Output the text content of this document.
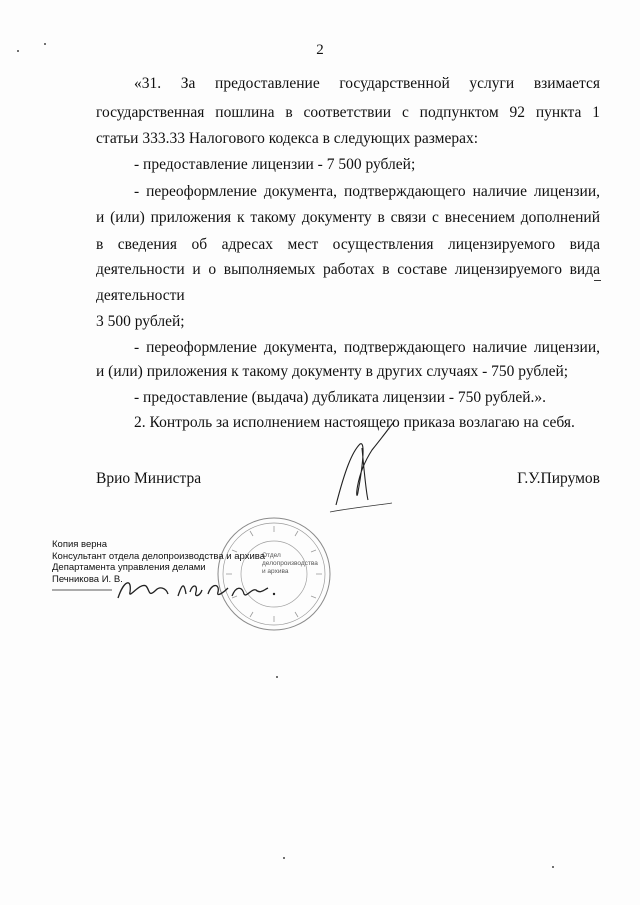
2
«31. За предоставление государственной услуги взимается
государственная пошлина в соответствии с подпунктом 92 пункта 1
статьи 333.33 Налогового кодекса в следующих размерах:
- предоставление лицензии - 7 500 рублей;
- переоформление документа, подтверждающего наличие лицензии,
и (или) приложения к такому документу в связи с внесением дополнений
в сведения об адресах мест осуществления лицензируемого вида
деятельности и о выполняемых работах в составе лицензируемого вида
деятельности
3 500 рублей;
- переоформление документа, подтверждающего наличие лицензии,
и (или) приложения к такому документу в других случаях - 750 рублей;
- предоставление (выдача) дубликата лицензии - 750 рублей.».
2. Контроль за исполнением настоящего приказа возлагаю на себя.
Врио Министра	Г.У.Пирумов
Отдел
делопроизводства
и архива
Копия верна
Консультант отдела делопроизводства и архива
Департамента управления делами
Печникова И. В.
